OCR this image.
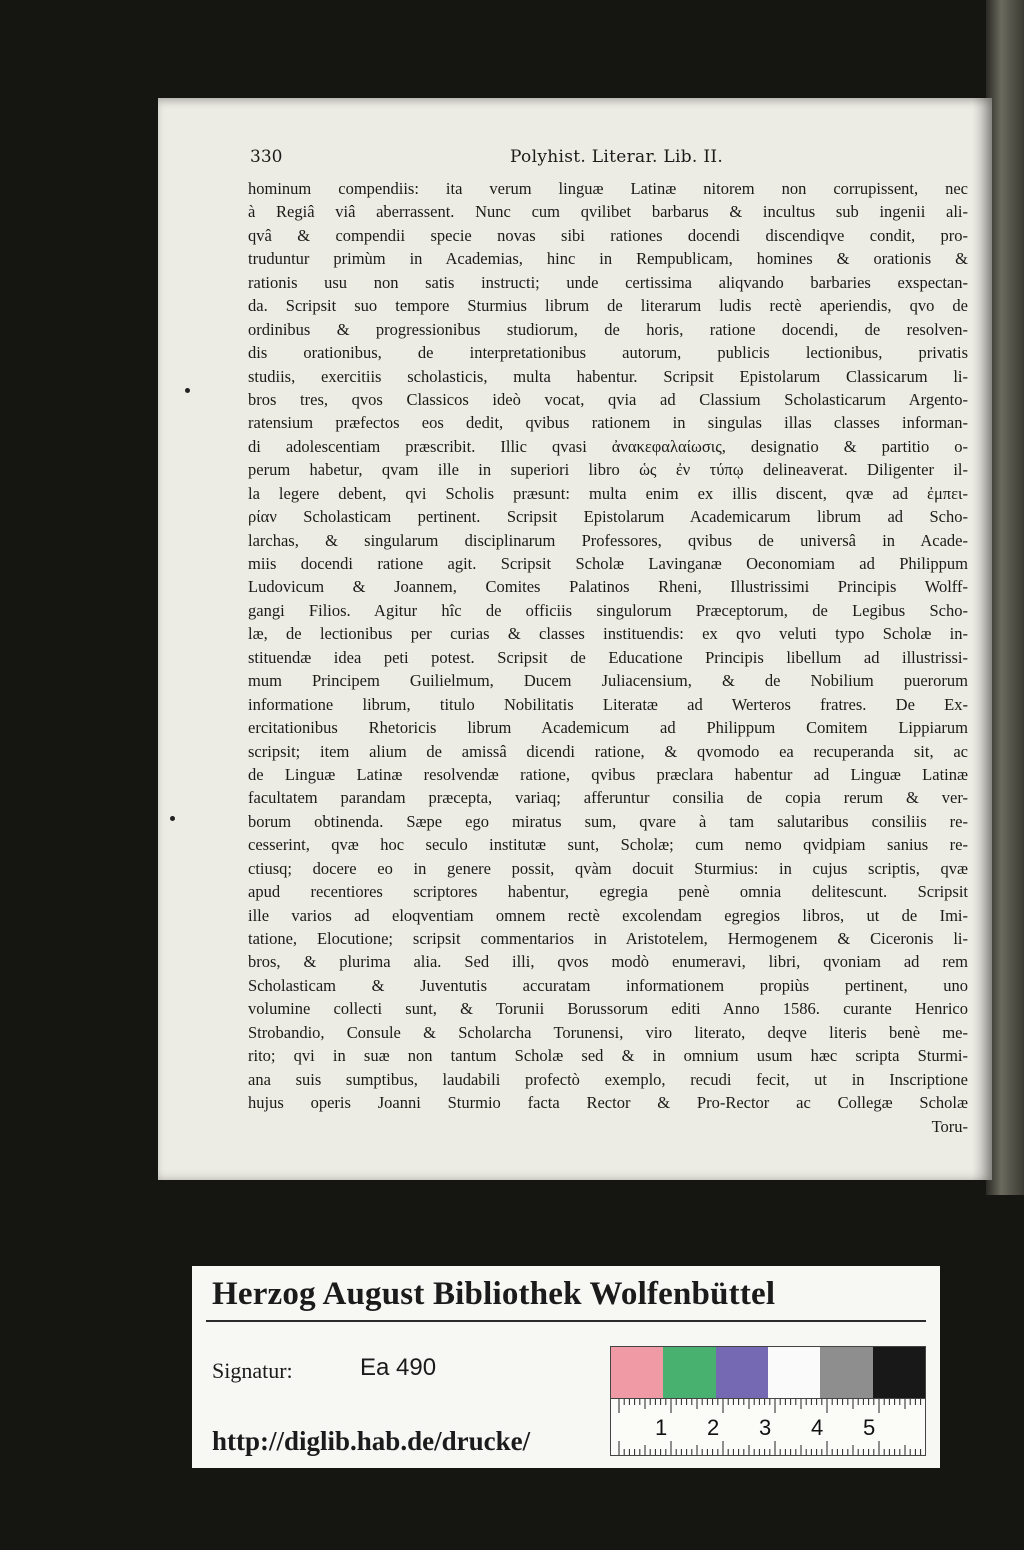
330	Polyhist. Literar. Lib. II.
hominum compendiis: ita verum linguæ Latinæ nitorem non corrupissent, nec
à Regiâ viâ aberrassent. Nunc cum qvilibet barbarus & incultus sub ingenii ali-
qvâ & compendii specie novas sibi rationes docendi discendiqve condit, pro-
truduntur primùm in Academias, hinc in Rempublicam, homines & orationis &
rationis usu non satis instructi; unde certissima aliqvando barbaries exspectan-
da. Scripsit suo tempore Sturmius librum de literarum ludis rectè aperiendis, qvo de
ordinibus & progressionibus studiorum, de horis, ratione docendi, de resolven-
dis orationibus, de interpretationibus autorum, publicis lectionibus, privatis
studiis, exercitiis scholasticis, multa habentur. Scripsit Epistolarum Classicarum li-
bros tres, qvos Classicos ideò vocat, qvia ad Classium Scholasticarum Argento-
ratensium præfectos eos dedit, qvibus rationem in singulas illas classes informan-
di adolescentiam præscribit. Illic qvasi ἀνακεφαλαίωσις, designatio & partitio o-
perum habetur, qvam ille in superiori libro ὡς ἐν τύπῳ delineaverat. Diligenter il-
la legere debent, qvi Scholis præsunt: multa enim ex illis discent, qvæ ad ἐμπει-
ρίαν Scholasticam pertinent. Scripsit Epistolarum Academicarum librum ad Scho-
larchas, & singularum disciplinarum Professores, qvibus de universâ in Acade-
miis docendi ratione agit. Scripsit Scholæ Lavinganæ Oeconomiam ad Philippum
Ludovicum & Joannem, Comites Palatinos Rheni, Illustrissimi Principis Wolff-
gangi Filios. Agitur hîc de officiis singulorum Præceptorum, de Legibus Scho-
læ, de lectionibus per curias & classes instituendis: ex qvo veluti typo Scholæ in-
stituendæ idea peti potest. Scripsit de Educatione Principis libellum ad illustrissi-
mum Principem Guilielmum, Ducem Juliacensium, & de Nobilium puerorum
informatione librum, titulo Nobilitatis Literatæ ad Werteros fratres. De Ex-
ercitationibus Rhetoricis librum Academicum ad Philippum Comitem Lippiarum
scripsit; item alium de amissâ dicendi ratione, & qvomodo ea recuperanda sit, ac
de Linguæ Latinæ resolvendæ ratione, qvibus præclara habentur ad Linguæ Latinæ
facultatem parandam præcepta, variaq; afferuntur consilia de copia rerum & ver-
borum obtinenda. Sæpe ego miratus sum, qvare à tam salutaribus consiliis re-
cesserint, qvæ hoc seculo institutæ sunt, Scholæ; cum nemo qvidpiam sanius re-
ctiusq; docere eo in genere possit, qvàm docuit Sturmius: in cujus scriptis, qvæ
apud recentiores scriptores habentur, egregia penè omnia delitescunt. Scripsit
ille varios ad eloqventiam omnem rectè excolendam egregios libros, ut de Imi-
tatione, Elocutione; scripsit commentarios in Aristotelem, Hermogenem & Ciceronis li-
bros, & plurima alia. Sed illi, qvos modò enumeravi, libri, qvoniam ad rem
Scholasticam & Juventutis accuratam informationem propiùs pertinent, uno
volumine collecti sunt, & Torunii Borussorum editi Anno 1586. curante Henrico
Strobandio, Consule & Scholarcha Torunensi, viro literato, deqve literis benè me-
rito; qvi in suæ non tantum Scholæ sed & in omnium usum hæc scripta Sturmi-
ana suis sumptibus, laudabili profectò exemplo, recudi fecit, ut in Inscriptione
hujus operis Joanni Sturmio facta Rector & Pro-Rector ac Collegæ Scholæ
Toru-
Herzog August Bibliothek Wolfenbüttel
Signatur:	Ea 490
1 2 3 4 5
http://diglib.hab.de/drucke/
